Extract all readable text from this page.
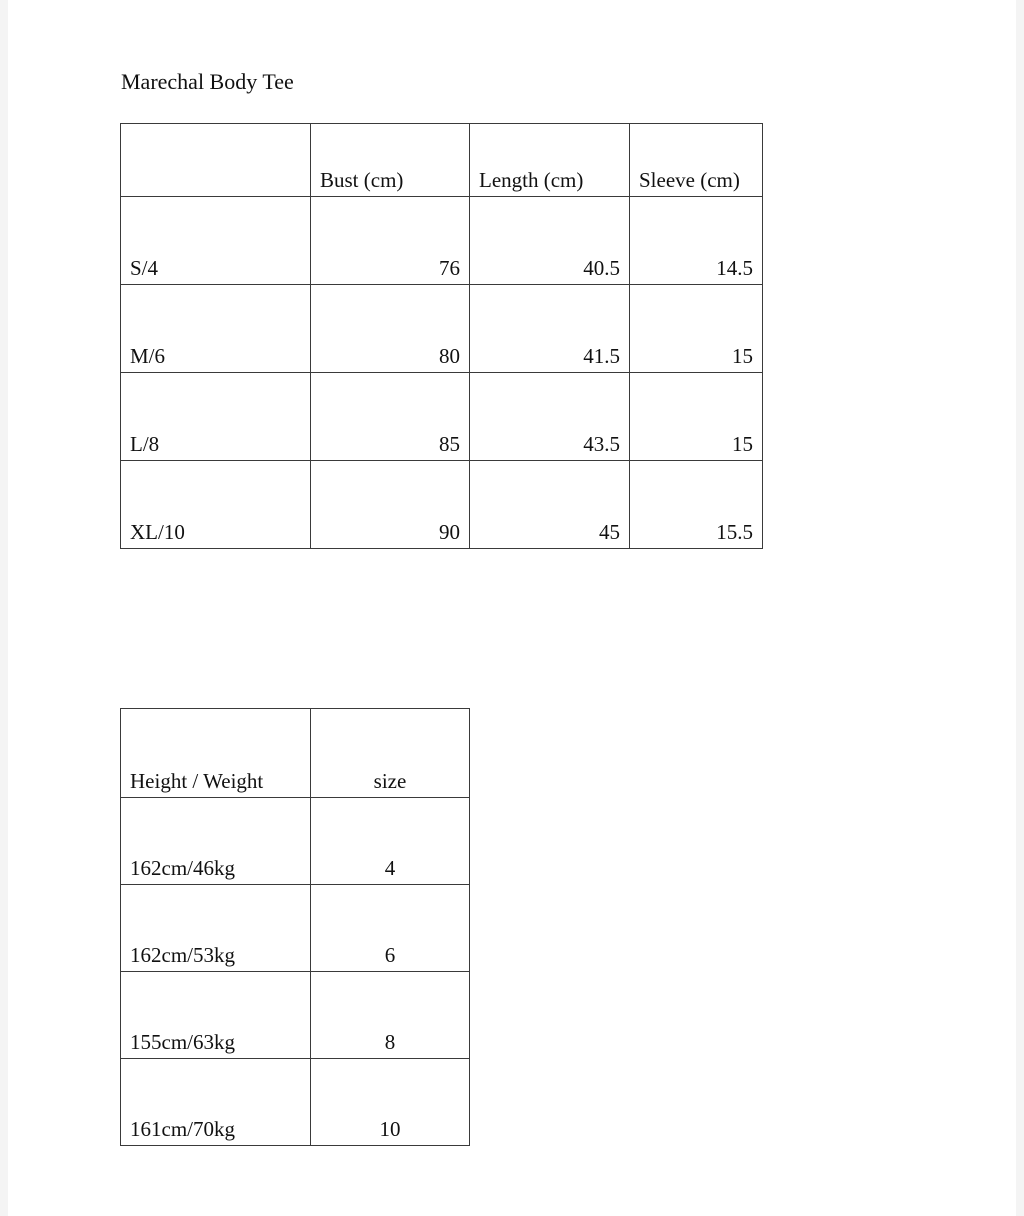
Marechal Body Tee
	Bust (cm)	Length (cm)	Sleeve (cm)
S/4	76	40.5	14.5
M/6	80	41.5	15
L/8	85	43.5	15
XL/10	90	45	15.5
Height / Weight	size
162cm/46kg	4
162cm/53kg	6
155cm/63kg	8
161cm/70kg	10
